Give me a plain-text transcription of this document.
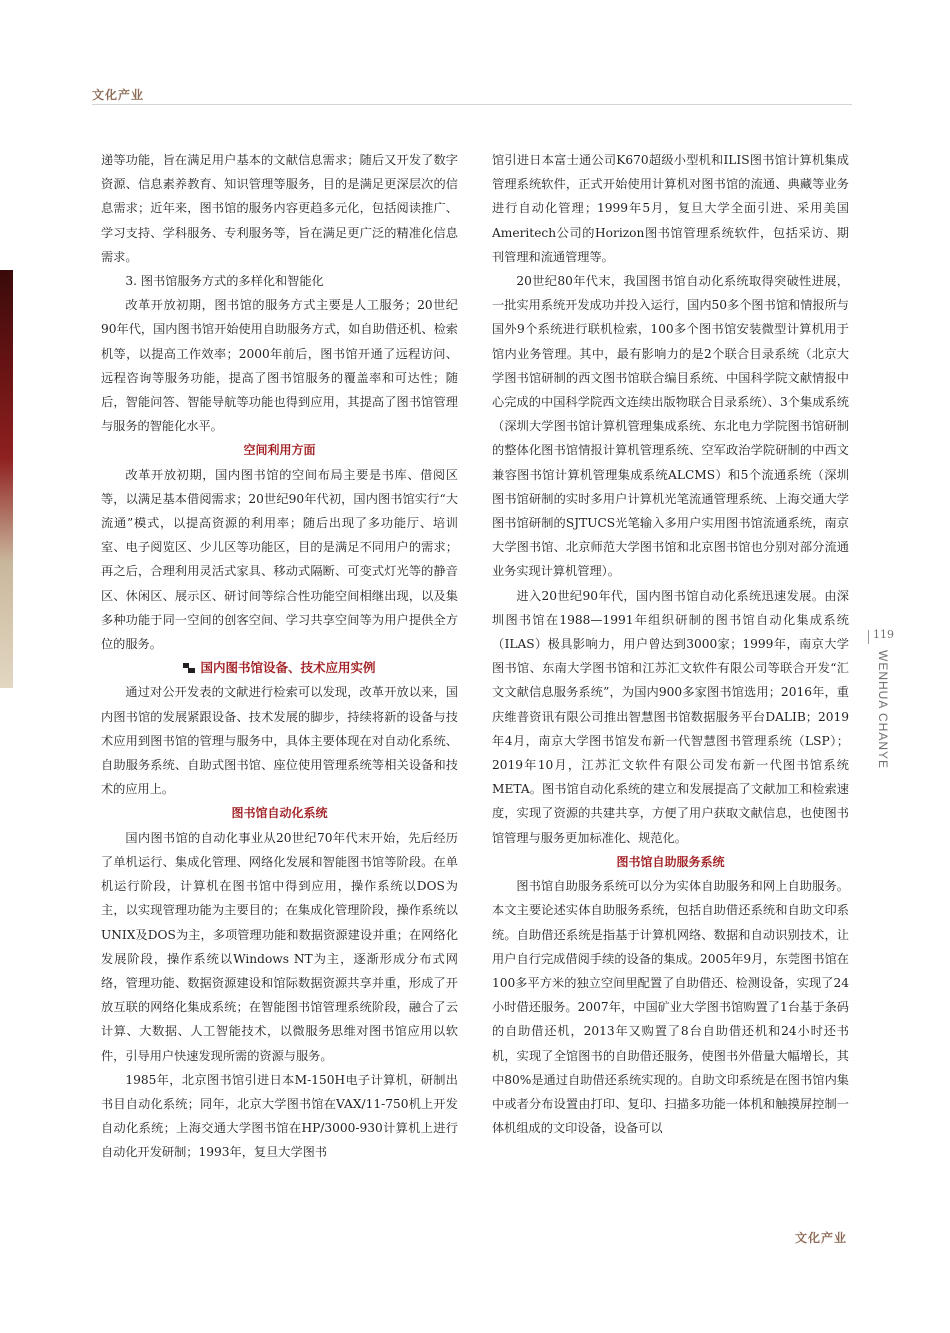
文化产业
119
WENHUA CHANYE

递等功能，旨在满足用户基本的文献信息需求；随后又开发了数字资源、信息素养教育、知识管理等服务，目的是满足更深层次的信息需求；近年来，图书馆的服务内容更趋多元化，包括阅读推广、学习支持、学科服务、专利服务等，旨在满足更广泛的精准化信息需求。

3. 图书馆服务方式的多样化和智能化

改革开放初期，图书馆的服务方式主要是人工服务；20世纪90年代，国内图书馆开始使用自助服务方式，如自助借还机、检索机等，以提高工作效率；2000年前后，图书馆开通了远程访问、远程咨询等服务功能，提高了图书馆服务的覆盖率和可达性；随后，智能问答、智能导航等功能也得到应用，其提高了图书馆管理与服务的智能化水平。

空间利用方面

改革开放初期，国内图书馆的空间布局主要是书库、借阅区等，以满足基本借阅需求；20世纪90年代初，国内图书馆实行“大流通”模式，以提高资源的利用率；随后出现了多功能厅、培训室、电子阅览区、少儿区等功能区，目的是满足不同用户的需求；再之后，合理利用灵活式家具、移动式隔断、可变式灯光等的静音区、休闲区、展示区、研讨间等综合性功能空间相继出现，以及集多种功能于同一空间的创客空间、学习共享空间等为用户提供全方位的服务。

国内图书馆设备、技术应用实例

通过对公开发表的文献进行检索可以发现，改革开放以来，国内图书馆的发展紧跟设备、技术发展的脚步，持续将新的设备与技术应用到图书馆的管理与服务中，具体主要体现在对自动化系统、自助服务系统、自助式图书馆、座位使用管理系统等相关设备和技术的应用上。

图书馆自动化系统

国内图书馆的自动化事业从20世纪70年代末开始，先后经历了单机运行、集成化管理、网络化发展和智能图书馆等阶段。在单机运行阶段，计算机在图书馆中得到应用，操作系统以DOS为主，以实现管理功能为主要目的；在集成化管理阶段，操作系统以UNIX及DOS为主，多项管理功能和数据资源建设并重；在网络化发展阶段，操作系统以Windows NT为主，逐渐形成分布式网络，管理功能、数据资源建设和馆际数据资源共享并重，形成了开放互联的网络化集成系统；在智能图书馆管理系统阶段，融合了云计算、大数据、人工智能技术，以微服务思维对图书馆应用以软件，引导用户快速发现所需的资源与服务。

1985年，北京图书馆引进日本M-150H电子计算机，研制出书目自动化系统；同年，北京大学图书馆在VAX/11-750机上开发自动化系统；上海交通大学图书馆在HP/3000-930计算机上进行自动化开发研制；1993年，复旦大学图书

馆引进日本富士通公司K670超级小型机和ILIS图书馆计算机集成管理系统软件，正式开始使用计算机对图书馆的流通、典藏等业务进行自动化管理；1999年5月，复旦大学全面引进、采用美国Ameritech公司的Horizon图书馆管理系统软件，包括采访、期刊管理和流通管理等。

20世纪80年代末，我国图书馆自动化系统取得突破性进展，一批实用系统开发成功并投入运行，国内50多个图书馆和情报所与国外9个系统进行联机检索，100多个图书馆安装微型计算机用于馆内业务管理。其中，最有影响力的是2个联合目录系统（北京大学图书馆研制的西文图书馆联合编目系统、中国科学院文献情报中心完成的中国科学院西文连续出版物联合目录系统）、3个集成系统（深圳大学图书馆计算机管理集成系统、东北电力学院图书馆研制的整体化图书馆情报计算机管理系统、空军政治学院研制的中西文兼容图书馆计算机管理集成系统ALCMS）和5个流通系统（深圳图书馆研制的实时多用户计算机光笔流通管理系统、上海交通大学图书馆研制的SJTUCS光笔输入多用户实用图书馆流通系统，南京大学图书馆、北京师范大学图书馆和北京图书馆也分别对部分流通业务实现计算机管理）。

进入20世纪90年代，国内图书馆自动化系统迅速发展。由深圳图书馆在1988—1991年组织研制的图书馆自动化集成系统（ILAS）极具影响力，用户曾达到3000家；1999年，南京大学图书馆、东南大学图书馆和江苏汇文软件有限公司等联合开发“汇文文献信息服务系统”，为国内900多家图书馆选用；2016年，重庆维普资讯有限公司推出智慧图书馆数据服务平台DALIB；2019年4月，南京大学图书馆发布新一代智慧图书管理系统（LSP）；2019年10月，江苏汇文软件有限公司发布新一代图书馆系统META。图书馆自动化系统的建立和发展提高了文献加工和检索速度，实现了资源的共建共享，方便了用户获取文献信息，也使图书馆管理与服务更加标准化、规范化。

图书馆自助服务系统

图书馆自助服务系统可以分为实体自助服务和网上自助服务。本文主要论述实体自助服务系统，包括自助借还系统和自助文印系统。自助借还系统是指基于计算机网络、数据和自动识别技术，让用户自行完成借阅手续的设备的集成。2005年9月，东莞图书馆在100多平方米的独立空间里配置了自助借还、检测设备，实现了24小时借还服务。2007年，中国矿业大学图书馆购置了1台基于条码的自助借还机，2013年又购置了8台自助借还机和24小时还书机，实现了全馆图书的自助借还服务，使图书外借量大幅增长，其中80%是通过自助借还系统实现的。自助文印系统是在图书馆内集中或者分布设置由打印、复印、扫描多功能一体机和触摸屏控制一体机组成的文印设备，设备可以

文化产业
